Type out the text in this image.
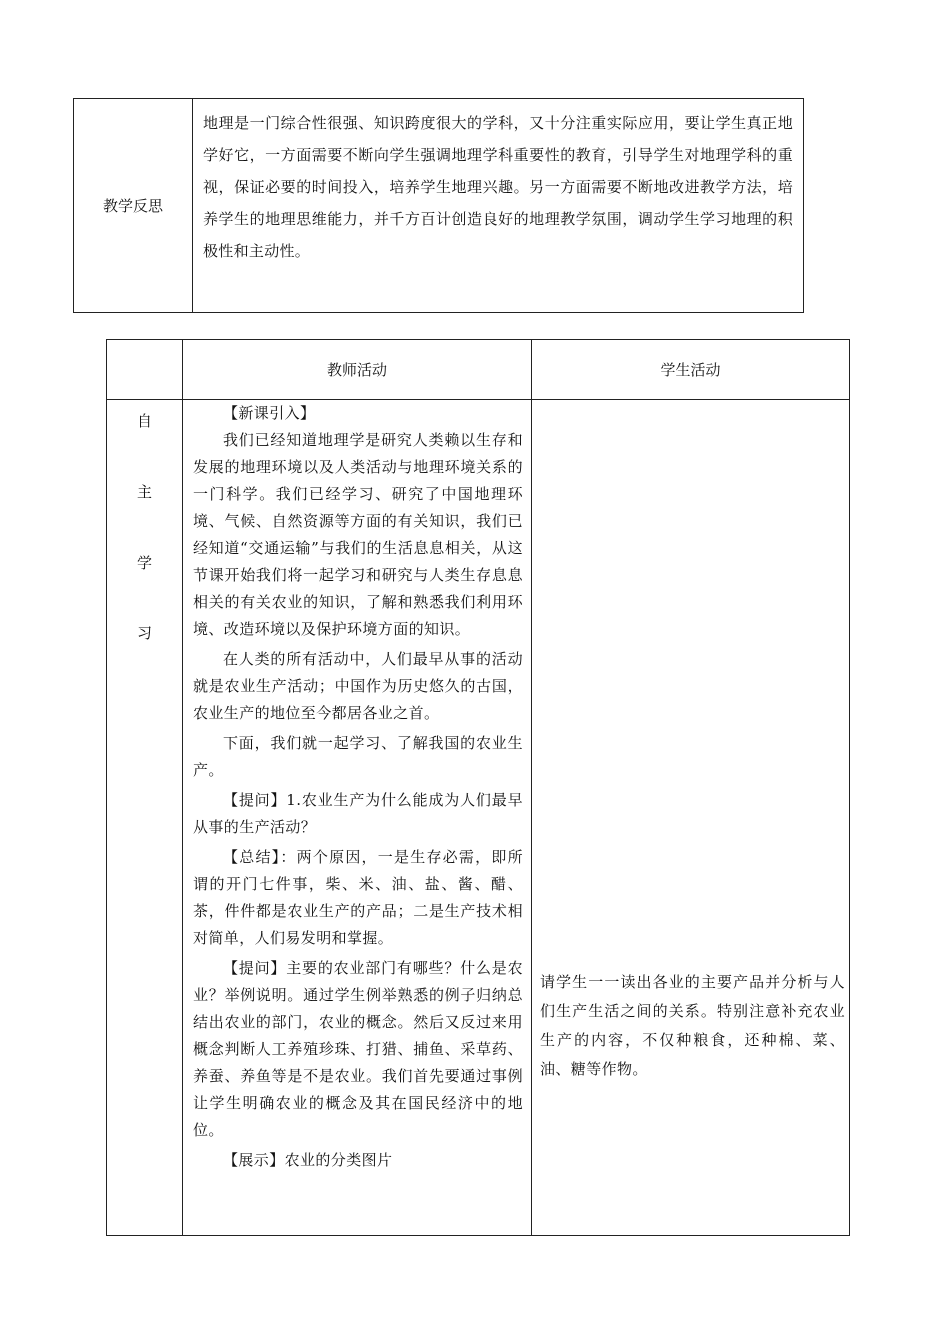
教学反思
地理是一门综合性很强、知识跨度很大的学科，又十分注重实际应用，要让学生真正地学好它，一方面需要不断向学生强调地理学科重要性的教育，引导学生对地理学科的重视，保证必要的时间投入，培养学生地理兴趣。另一方面需要不断地改进教学方法，培养学生的地理思维能力，并千方百计创造良好的地理教学氛围，调动学生学习地理的积极性和主动性。
教师活动	学生活动
自
主
学
习

【新课引入】

我们已经知道地理学是研究人类赖以生存和发展的地理环境以及人类活动与地理环境关系的一门科学。我们已经学习、研究了中国地理环境、气候、自然资源等方面的有关知识，我们已经知道“交通运输”与我们的生活息息相关，从这节课开始我们将一起学习和研究与人类生存息息相关的有关农业的知识，了解和熟悉我们利用环境、改造环境以及保护环境方面的知识。

在人类的所有活动中，人们最早从事的活动就是农业生产活动；中国作为历史悠久的古国，农业生产的地位至今都居各业之首。

下面，我们就一起学习、了解我国的农业生产。

【提问】1.农业生产为什么能成为人们最早从事的生产活动？

【总结】：两个原因，一是生存必需，即所谓的开门七件事，柴、米、油、盐、酱、醋、茶，件件都是农业生产的产品；二是生产技术相对简单，人们易发明和掌握。

【提问】主要的农业部门有哪些？什么是农业？举例说明。通过学生例举熟悉的例子归纳总结出农业的部门，农业的概念。然后又反过来用概念判断人工养殖珍珠、打猎、捕鱼、采草药、养蚕、养鱼等是不是农业。我们首先要通过事例让学生明确农业的概念及其在国民经济中的地位。

【展示】农业的分类图片

请学生一一读出各业的主要产品并分析与人们生产生活之间的关系。特别注意补充农业生产的内容，不仅种粮食，还种棉、菜、油、糖等作物。
